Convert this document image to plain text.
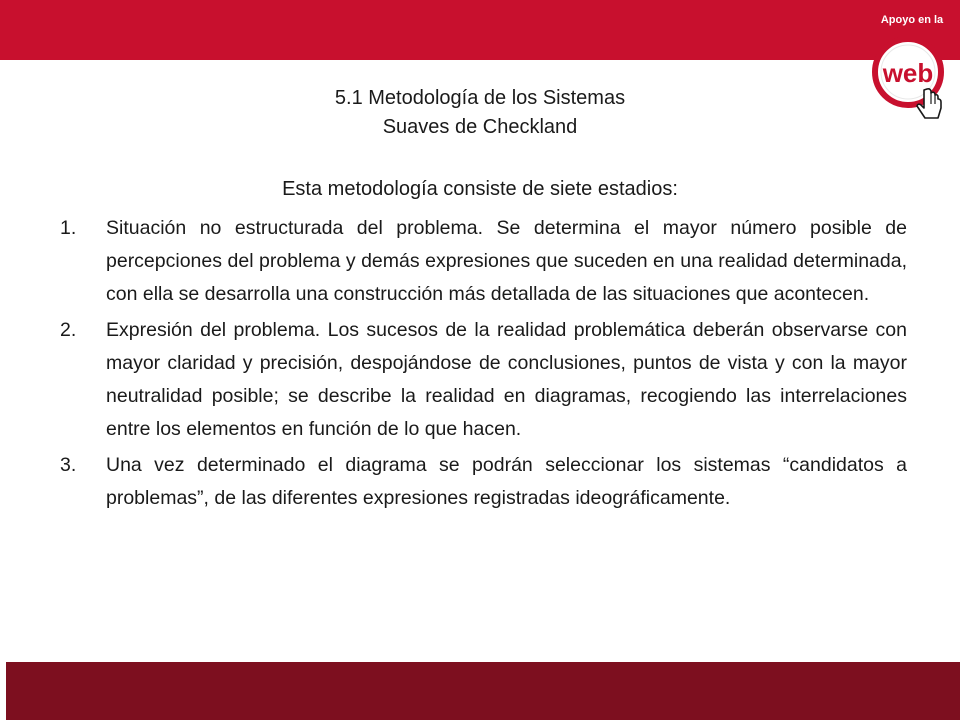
web
Apoyo en la
5.1 Metodología de los Sistemas
Suaves de Checkland
Esta metodología consiste de siete estadios:
1. Situación no estructurada del problema. Se determina el mayor número posible de percepciones del problema y demás expresiones que suceden en una realidad determinada, con ella se desarrolla una construcción más detallada de las situaciones que acontecen.
2. Expresión del problema. Los sucesos de la realidad problemática deberán observarse con mayor claridad y precisión, despojándose de conclusiones, puntos de vista y con la mayor neutralidad posible; se describe la realidad en diagramas, recogiendo las interrelaciones entre los elementos en función de lo que hacen.
3. Una vez determinado el diagrama se podrán seleccionar los sistemas “candidatos a problemas”, de las diferentes expresiones registradas ideográficamente.
